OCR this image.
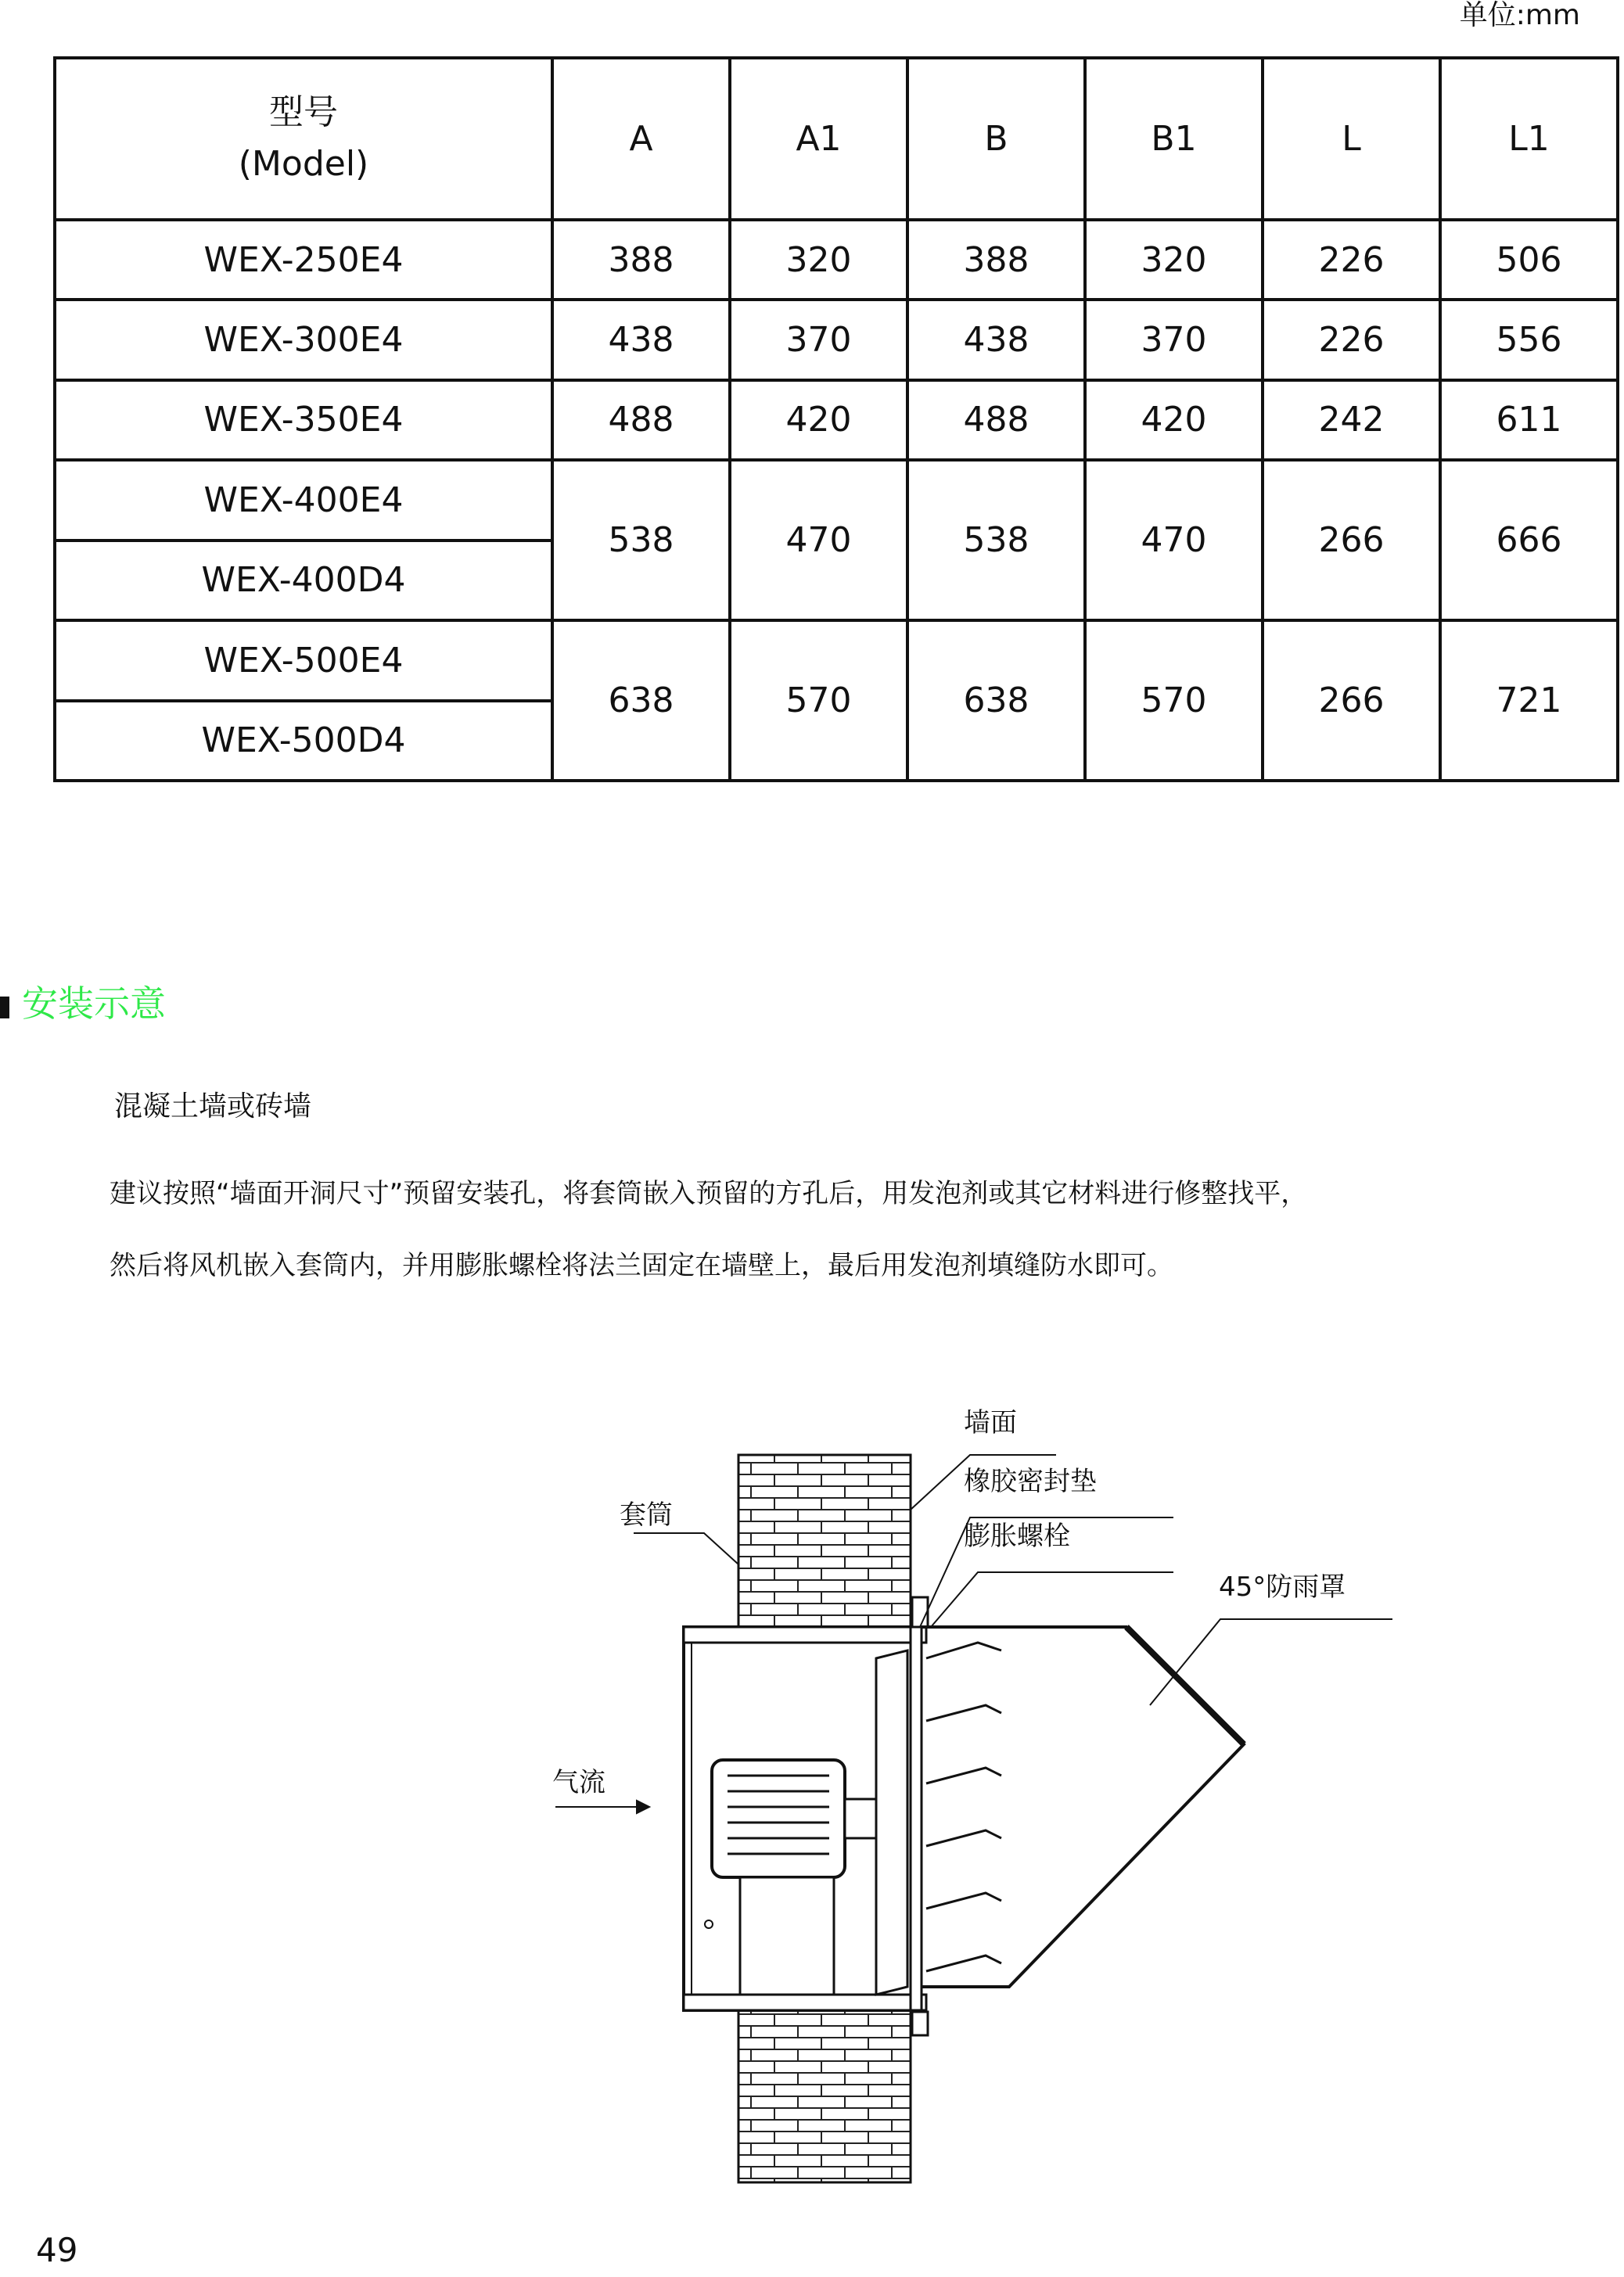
单位:mm
型号
(Model)	A	A1	B	B1	L	L1
WEX-250E4	388	320	388	320	226	506
WEX-300E4	438	370	438	370	226	556
WEX-350E4	488	420	488	420	242	611
WEX-400E4	538	470	538	470	266	666
WEX-400D4						
WEX-500E4	638	570	638	570	266	721
WEX-500D4						
安装示意
混凝土墙或砖墙
建议按照“墙面开洞尺寸”预留安装孔，将套筒嵌入预留的方孔后，用发泡剂或其它材料进行修整找平，
然后将风机嵌入套筒内，并用膨胀螺栓将法兰固定在墙壁上，最后用发泡剂填缝防水即可。
墙面
橡胶密封垫
膨胀螺栓
45°防雨罩
套筒
气流
49
